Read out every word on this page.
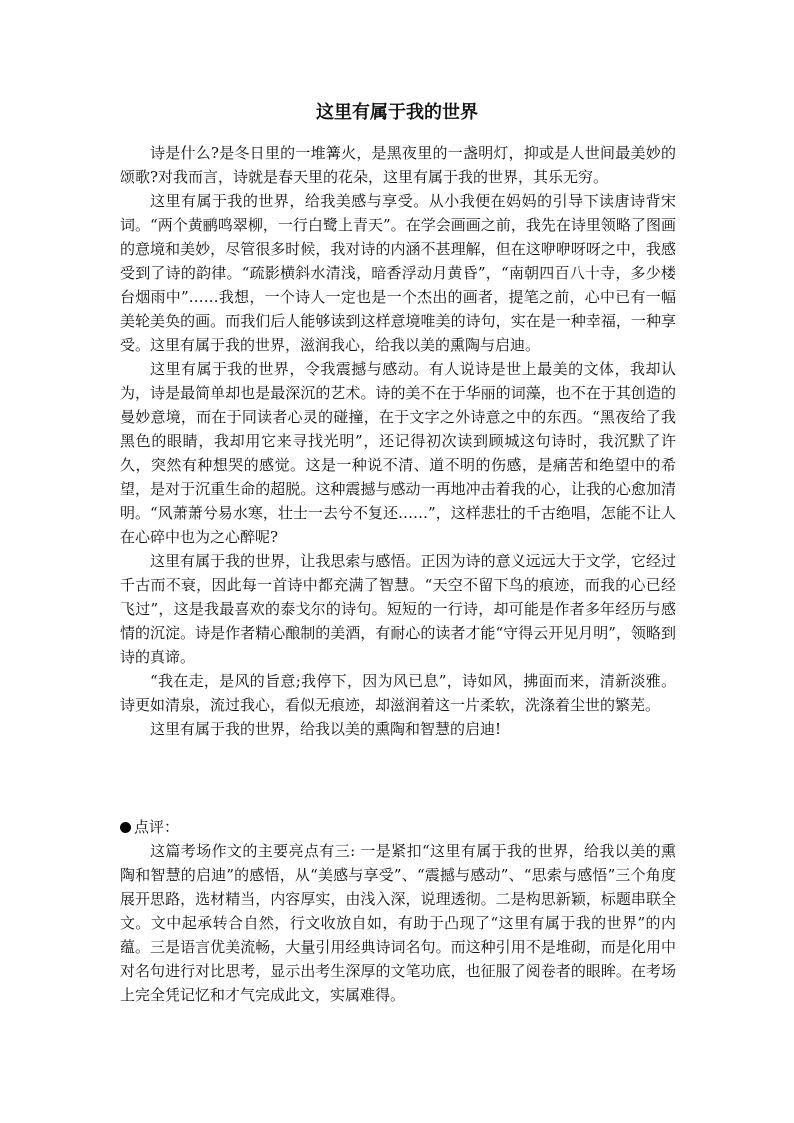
这里有属于我的世界

诗是什么?是冬日里的一堆篝火，是黑夜里的一盏明灯，抑或是人世间最美妙的颂歌?对我而言，诗就是春天里的花朵，这里有属于我的世界，其乐无穷。

这里有属于我的世界，给我美感与享受。从小我便在妈妈的引导下读唐诗背宋词。“两个黄鹂鸣翠柳，一行白鹭上青天”。在学会画画之前，我先在诗里领略了图画的意境和美妙，尽管很多时候，我对诗的内涵不甚理解，但在这咿咿呀呀之中，我感受到了诗的韵律。“疏影横斜水清浅，暗香浮动月黄昏”，“南朝四百八十寺，多少楼台烟雨中”……我想，一个诗人一定也是一个杰出的画者，提笔之前，心中已有一幅美轮美奂的画。而我们后人能够读到这样意境唯美的诗句，实在是一种幸福，一种享受。这里有属于我的世界，滋润我心，给我以美的熏陶与启迪。

这里有属于我的世界，令我震撼与感动。有人说诗是世上最美的文体，我却认为，诗是最简单却也是最深沉的艺术。诗的美不在于华丽的词藻，也不在于其创造的曼妙意境，而在于同读者心灵的碰撞，在于文字之外诗意之中的东西。“黑夜给了我黑色的眼睛，我却用它来寻找光明”，还记得初次读到顾城这句诗时，我沉默了许久，突然有种想哭的感觉。这是一种说不清、道不明的伤感，是痛苦和绝望中的希望，是对于沉重生命的超脱。这种震撼与感动一再地冲击着我的心，让我的心愈加清明。“风萧萧兮易水寒，壮士一去兮不复还……”，这样悲壮的千古绝唱，怎能不让人在心碎中也为之心醉呢?

这里有属于我的世界，让我思索与感悟。正因为诗的意义远远大于文学，它经过千古而不衰，因此每一首诗中都充满了智慧。“天空不留下鸟的痕迹，而我的心已经飞过”，这是我最喜欢的泰戈尔的诗句。短短的一行诗，却可能是作者多年经历与感情的沉淀。诗是作者精心酿制的美酒，有耐心的读者才能“守得云开见月明”，领略到诗的真谛。

“我在走，是风的旨意;我停下，因为风已息”，诗如风，拂面而来，清新淡雅。诗更如清泉，流过我心，看似无痕迹，却滋润着这一片柔软，洗涤着尘世的繁芜。

这里有属于我的世界，给我以美的熏陶和智慧的启迪!

点评：

这篇考场作文的主要亮点有三: 一是紧扣“这里有属于我的世界，给我以美的熏陶和智慧的启迪”的感悟，从“美感与享受”、“震撼与感动”、“思索与感悟”三个角度展开思路，选材精当，内容厚实，由浅入深，说理透彻。二是构思新颖，标题串联全文。文中起承转合自然，行文收放自如，有助于凸现了“这里有属于我的世界”的内蕴。三是语言优美流畅，大量引用经典诗词名句。而这种引用不是堆砌，而是化用中对名句进行对比思考，显示出考生深厚的文笔功底，也征服了阅卷者的眼眸。在考场上完全凭记忆和才气完成此文，实属难得。
